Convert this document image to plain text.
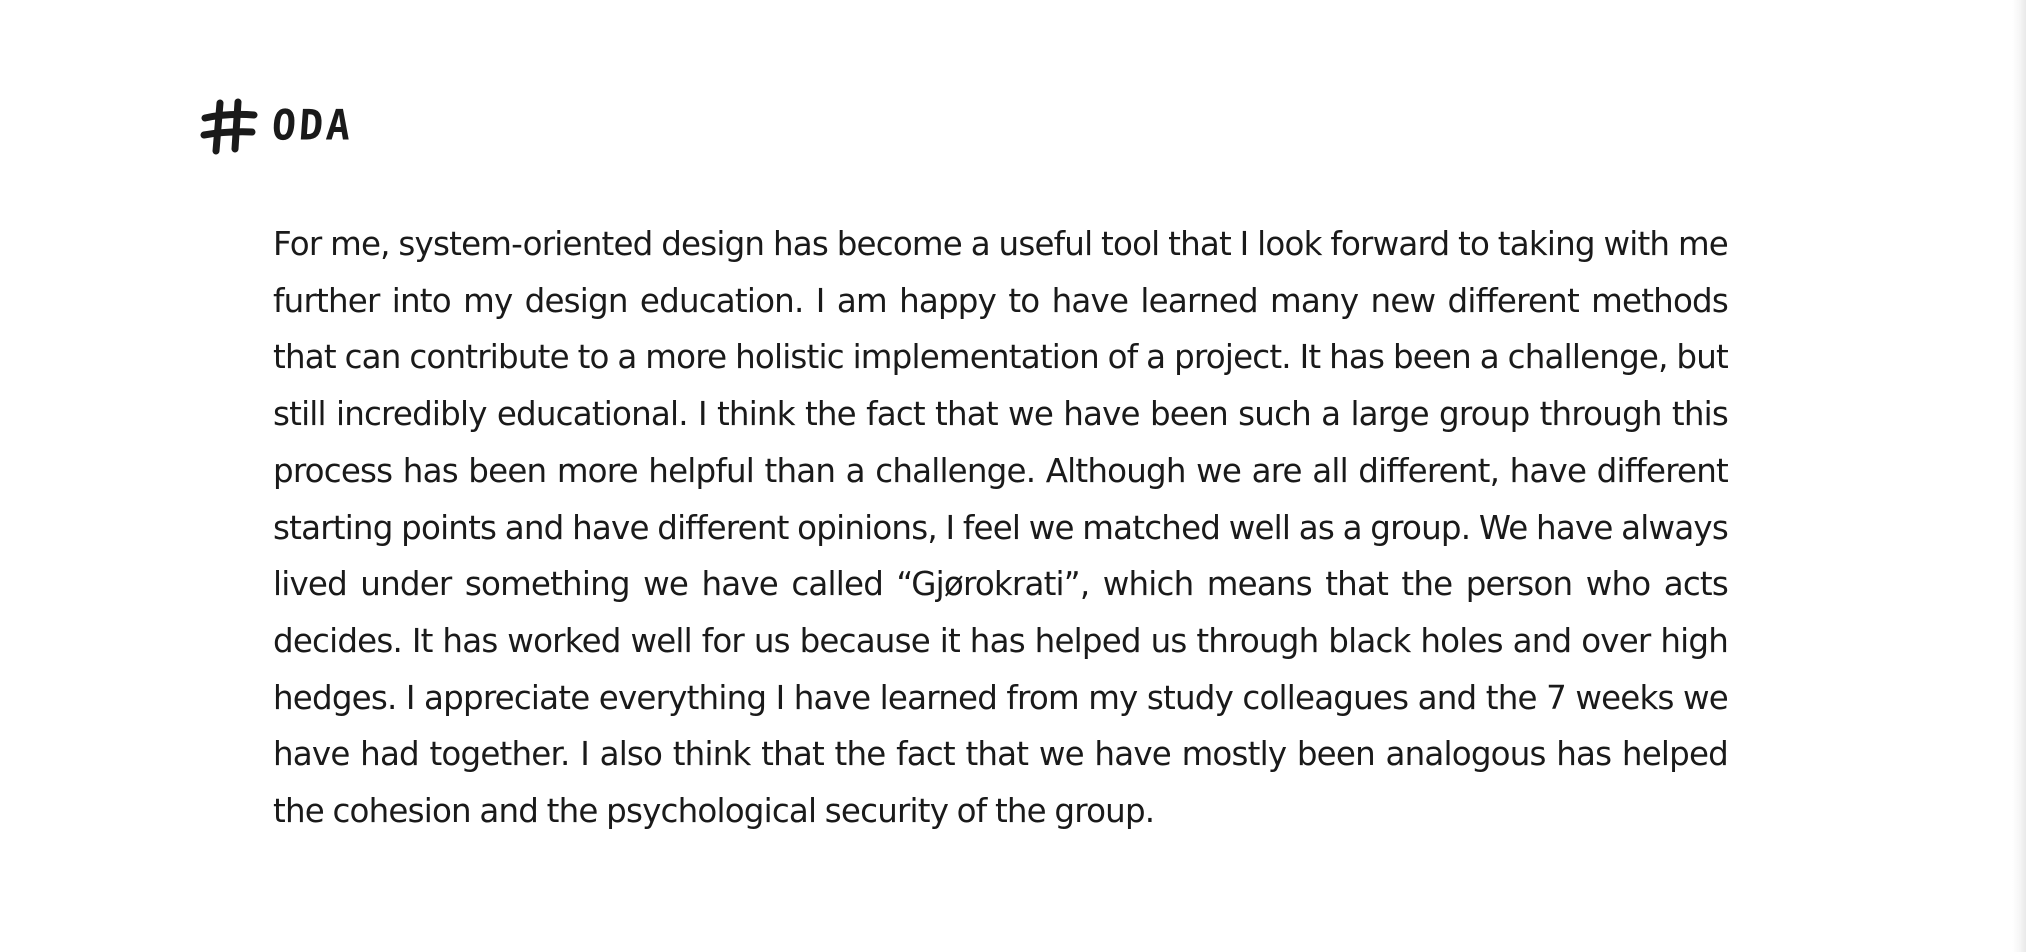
ODA

For me, system-oriented design has become a useful tool that I look forward to taking with me further into my design education. I am happy to have learned many new different methods that can contribute to a more holistic implementation of a project. It has been a challenge, but still incredibly educational. I think the fact that we have been such a large group through this process has been more helpful than a challenge. Although we are all different, have different starting points and have different opinions, I feel we matched well as a group. We have always lived under something we have called “Gjørokrati”, which means that the person who acts decides. It has worked well for us because it has helped us through black holes and over high hedges. I appreciate everything I have learned from my study colleagues and the 7 weeks we have had together. I also think that the fact that we have mostly been analogous has helped the cohesion and the psychological security of the group.
